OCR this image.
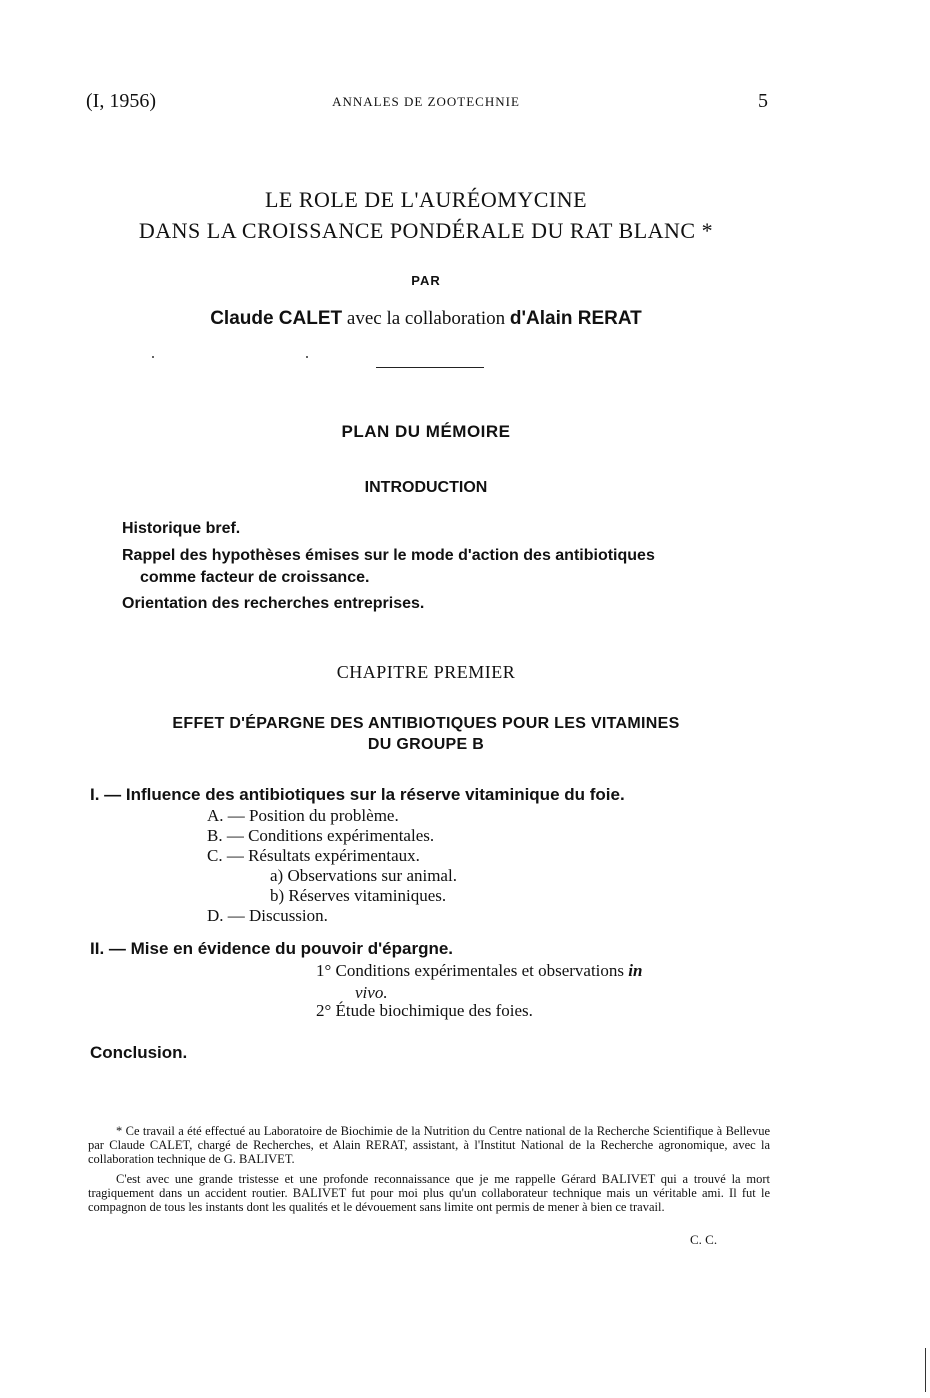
(I, 1956)	ANNALES DE ZOOTECHNIE	5
LE ROLE DE L'AURÉOMYCINE
DANS LA CROISSANCE PONDÉRALE DU RAT BLANC *
PAR
Claude CALET avec la collaboration d'Alain RERAT
PLAN DU MÉMOIRE
INTRODUCTION
Historique bref.
Rappel des hypothèses émises sur le mode d'action des antibiotiques
comme facteur de croissance.
Orientation des recherches entreprises.
CHAPITRE PREMIER
EFFET D'ÉPARGNE DES ANTIBIOTIQUES POUR LES VITAMINES
DU GROUPE B
I. — Influence des antibiotiques sur la réserve vitaminique du foie.
A. — Position du problème.
B. — Conditions expérimentales.
C. — Résultats expérimentaux.
a) Observations sur animal.
b) Réserves vitaminiques.
D. — Discussion.
II. — Mise en évidence du pouvoir d'épargne.
1° Conditions expérimentales et observations in
vivo.
2° Étude biochimique des foies.
Conclusion.
* Ce travail a été effectué au Laboratoire de Biochimie de la Nutrition du Centre national de la Recherche Scientifique à Bellevue par Claude CALET, chargé de Recherches, et Alain RERAT, assistant, à l'Institut National de la Recherche agronomique, avec la collaboration technique de G. BALIVET.
C'est avec une grande tristesse et une profonde reconnaissance que je me rappelle Gérard BALIVET qui a trouvé la mort tragiquement dans un accident routier. BALIVET fut pour moi plus qu'un collaborateur technique mais un véritable ami. Il fut le compagnon de tous les instants dont les qualités et le dévouement sans limite ont permis de mener à bien ce travail.
C. C.
